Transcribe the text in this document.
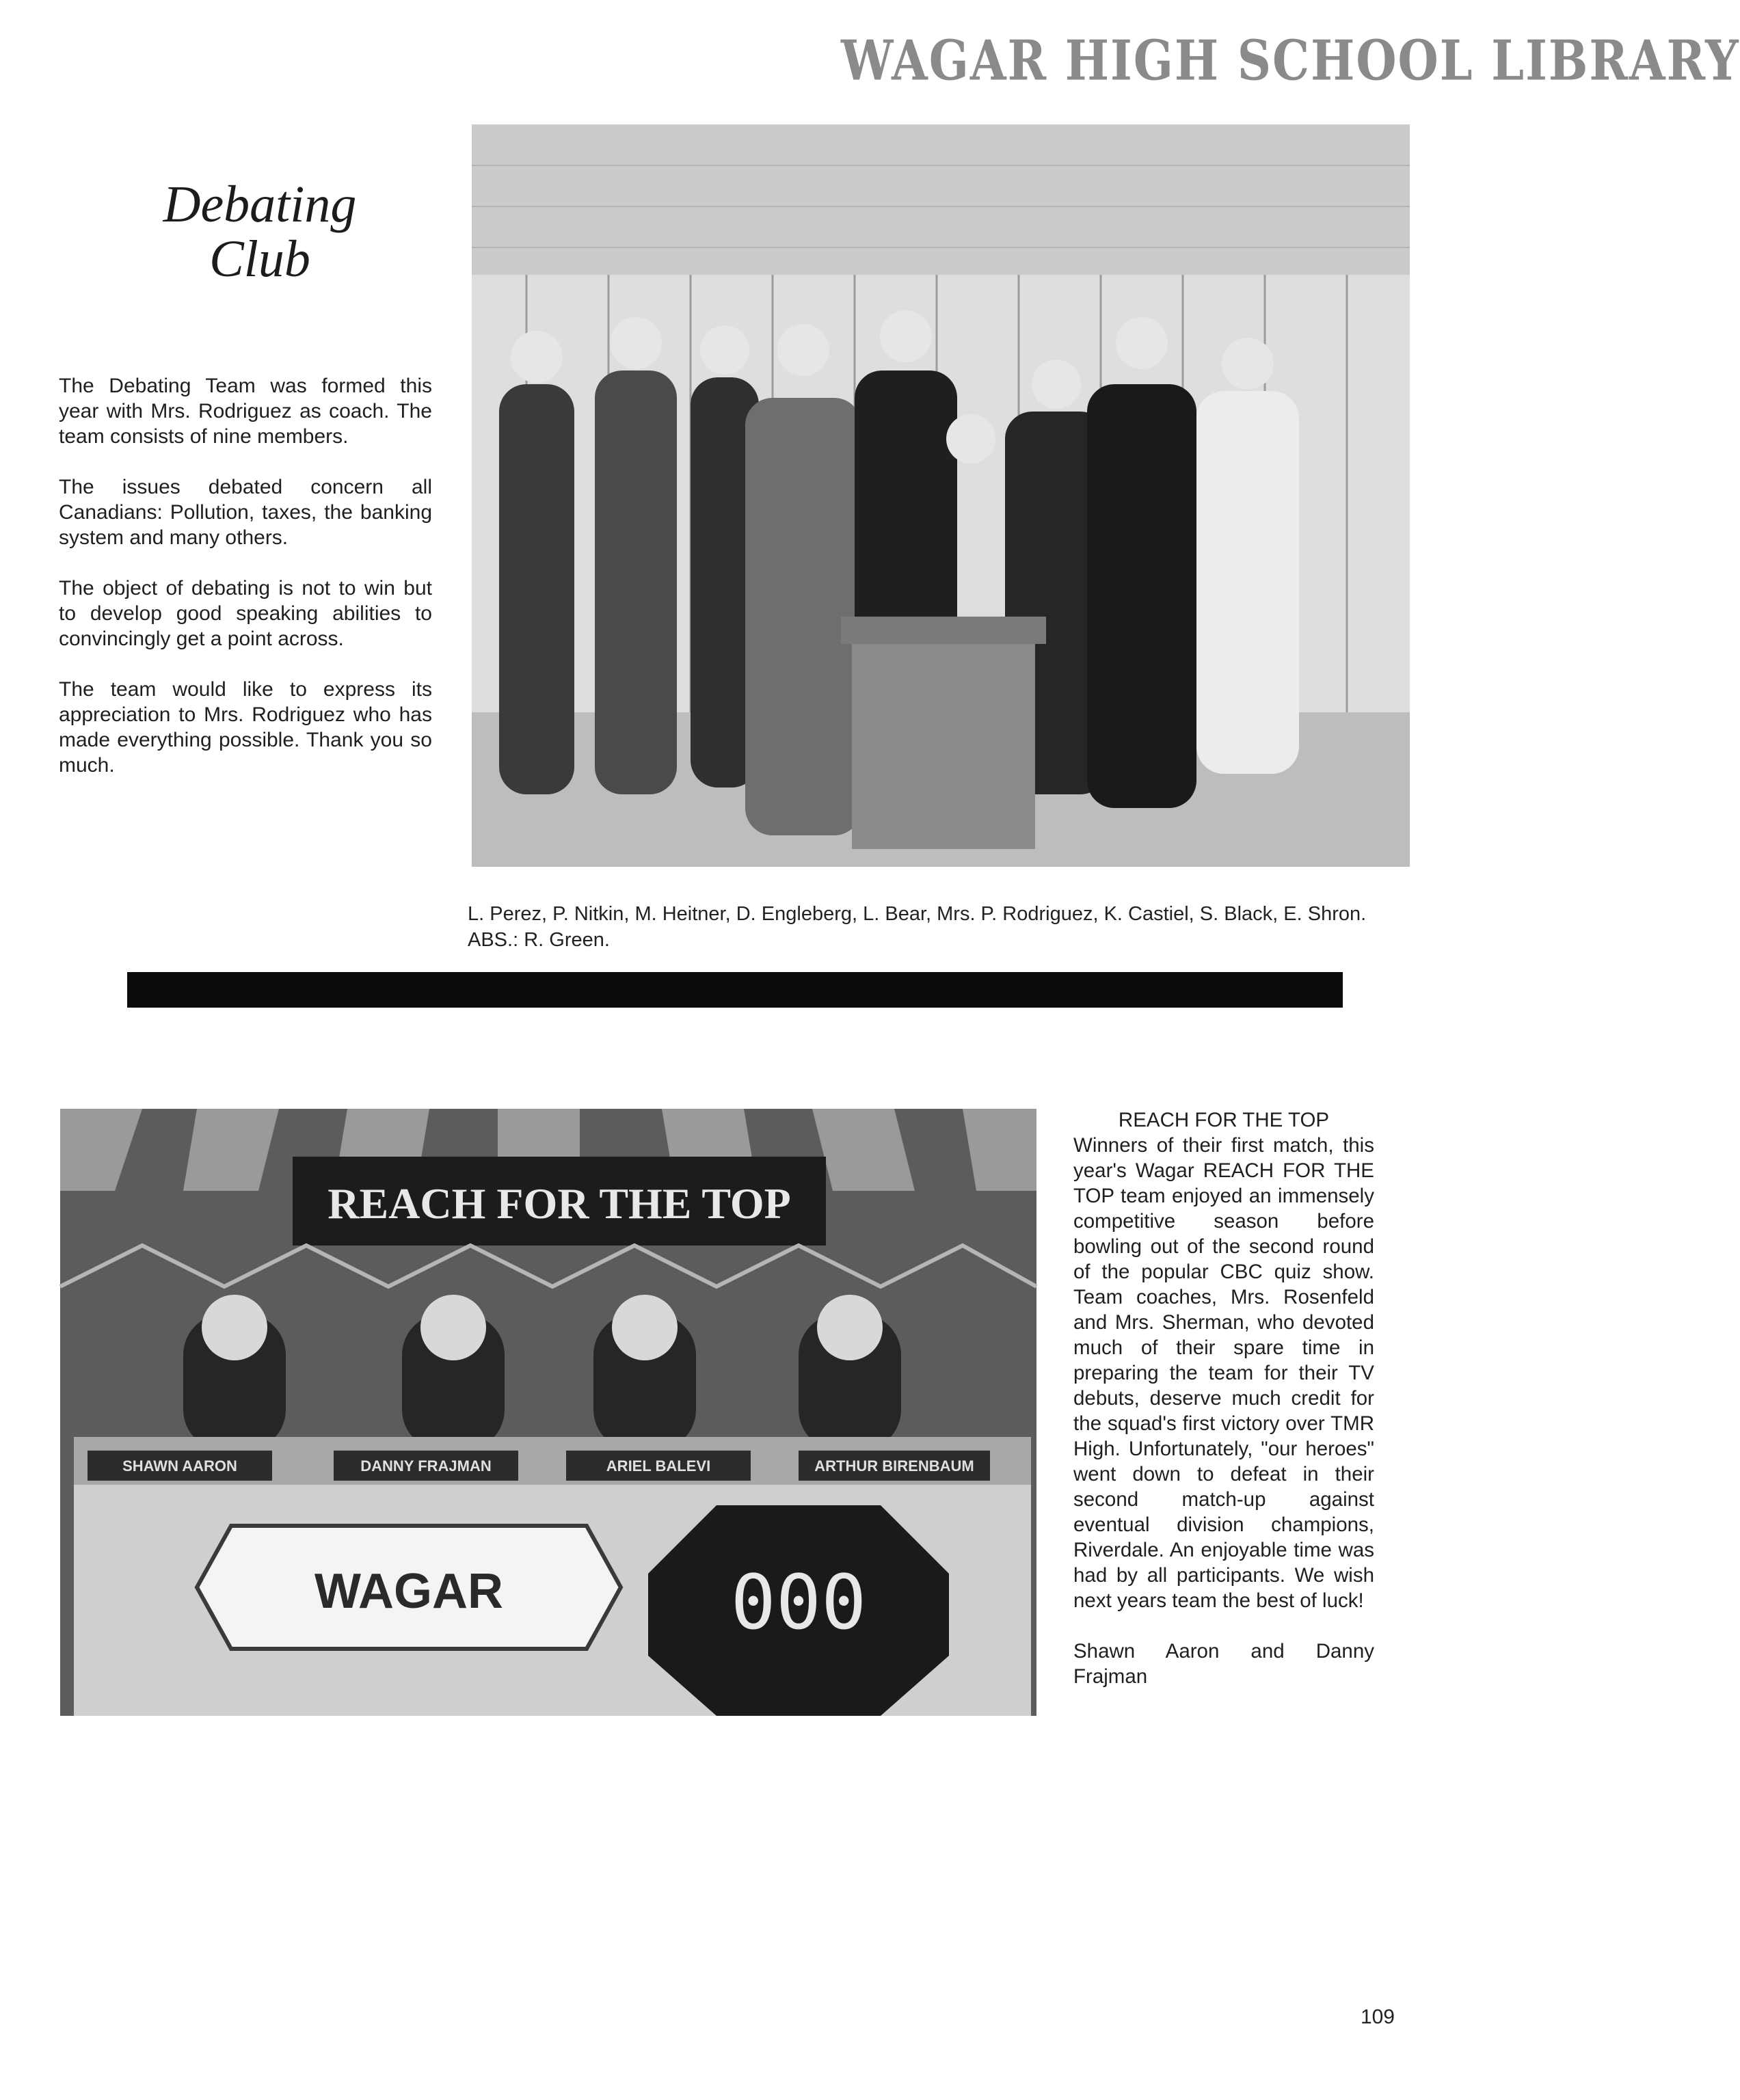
WAGAR HIGH SCHOOL LIBRARY
Debating
Club

The Debating Team was formed this year with Mrs. Rodriguez as coach. The team consists of nine members.

The issues debated concern all Canadians: Pollution, taxes, the banking system and many others.

The object of debating is not to win but to develop good speaking abilities to convincingly get a point across.

The team would like to express its appreciation to Mrs. Rodriguez who has made everything possible. Thank you so much.

L. Perez, P. Nitkin, M. Heitner, D. Engleberg, L. Bear, Mrs. P. Rodriguez, K. Castiel, S. Black, E. Shron. ABS.: R. Green.
REACH FOR THE TOP
SHAWN AARON	DANNY FRAJMAN	ARIEL BALEVI	ARTHUR BIRENBAUM
WAGAR	000

REACH FOR THE TOP
Winners of their first match, this year's Wagar REACH FOR THE TOP team enjoyed an immensely competitive season before bowling out of the second round of the popular CBC quiz show. Team coaches, Mrs. Rosenfeld and Mrs. Sherman, who devoted much of their spare time in preparing the team for their TV debuts, deserve much credit for the squad's first victory over TMR High. Unfortunately, "our heroes" went down to defeat in their second match-up against eventual division champions, Riverdale. An enjoyable time was had by all participants. We wish next years team the best of luck!

Shawn Aaron and Danny Frajman

109
